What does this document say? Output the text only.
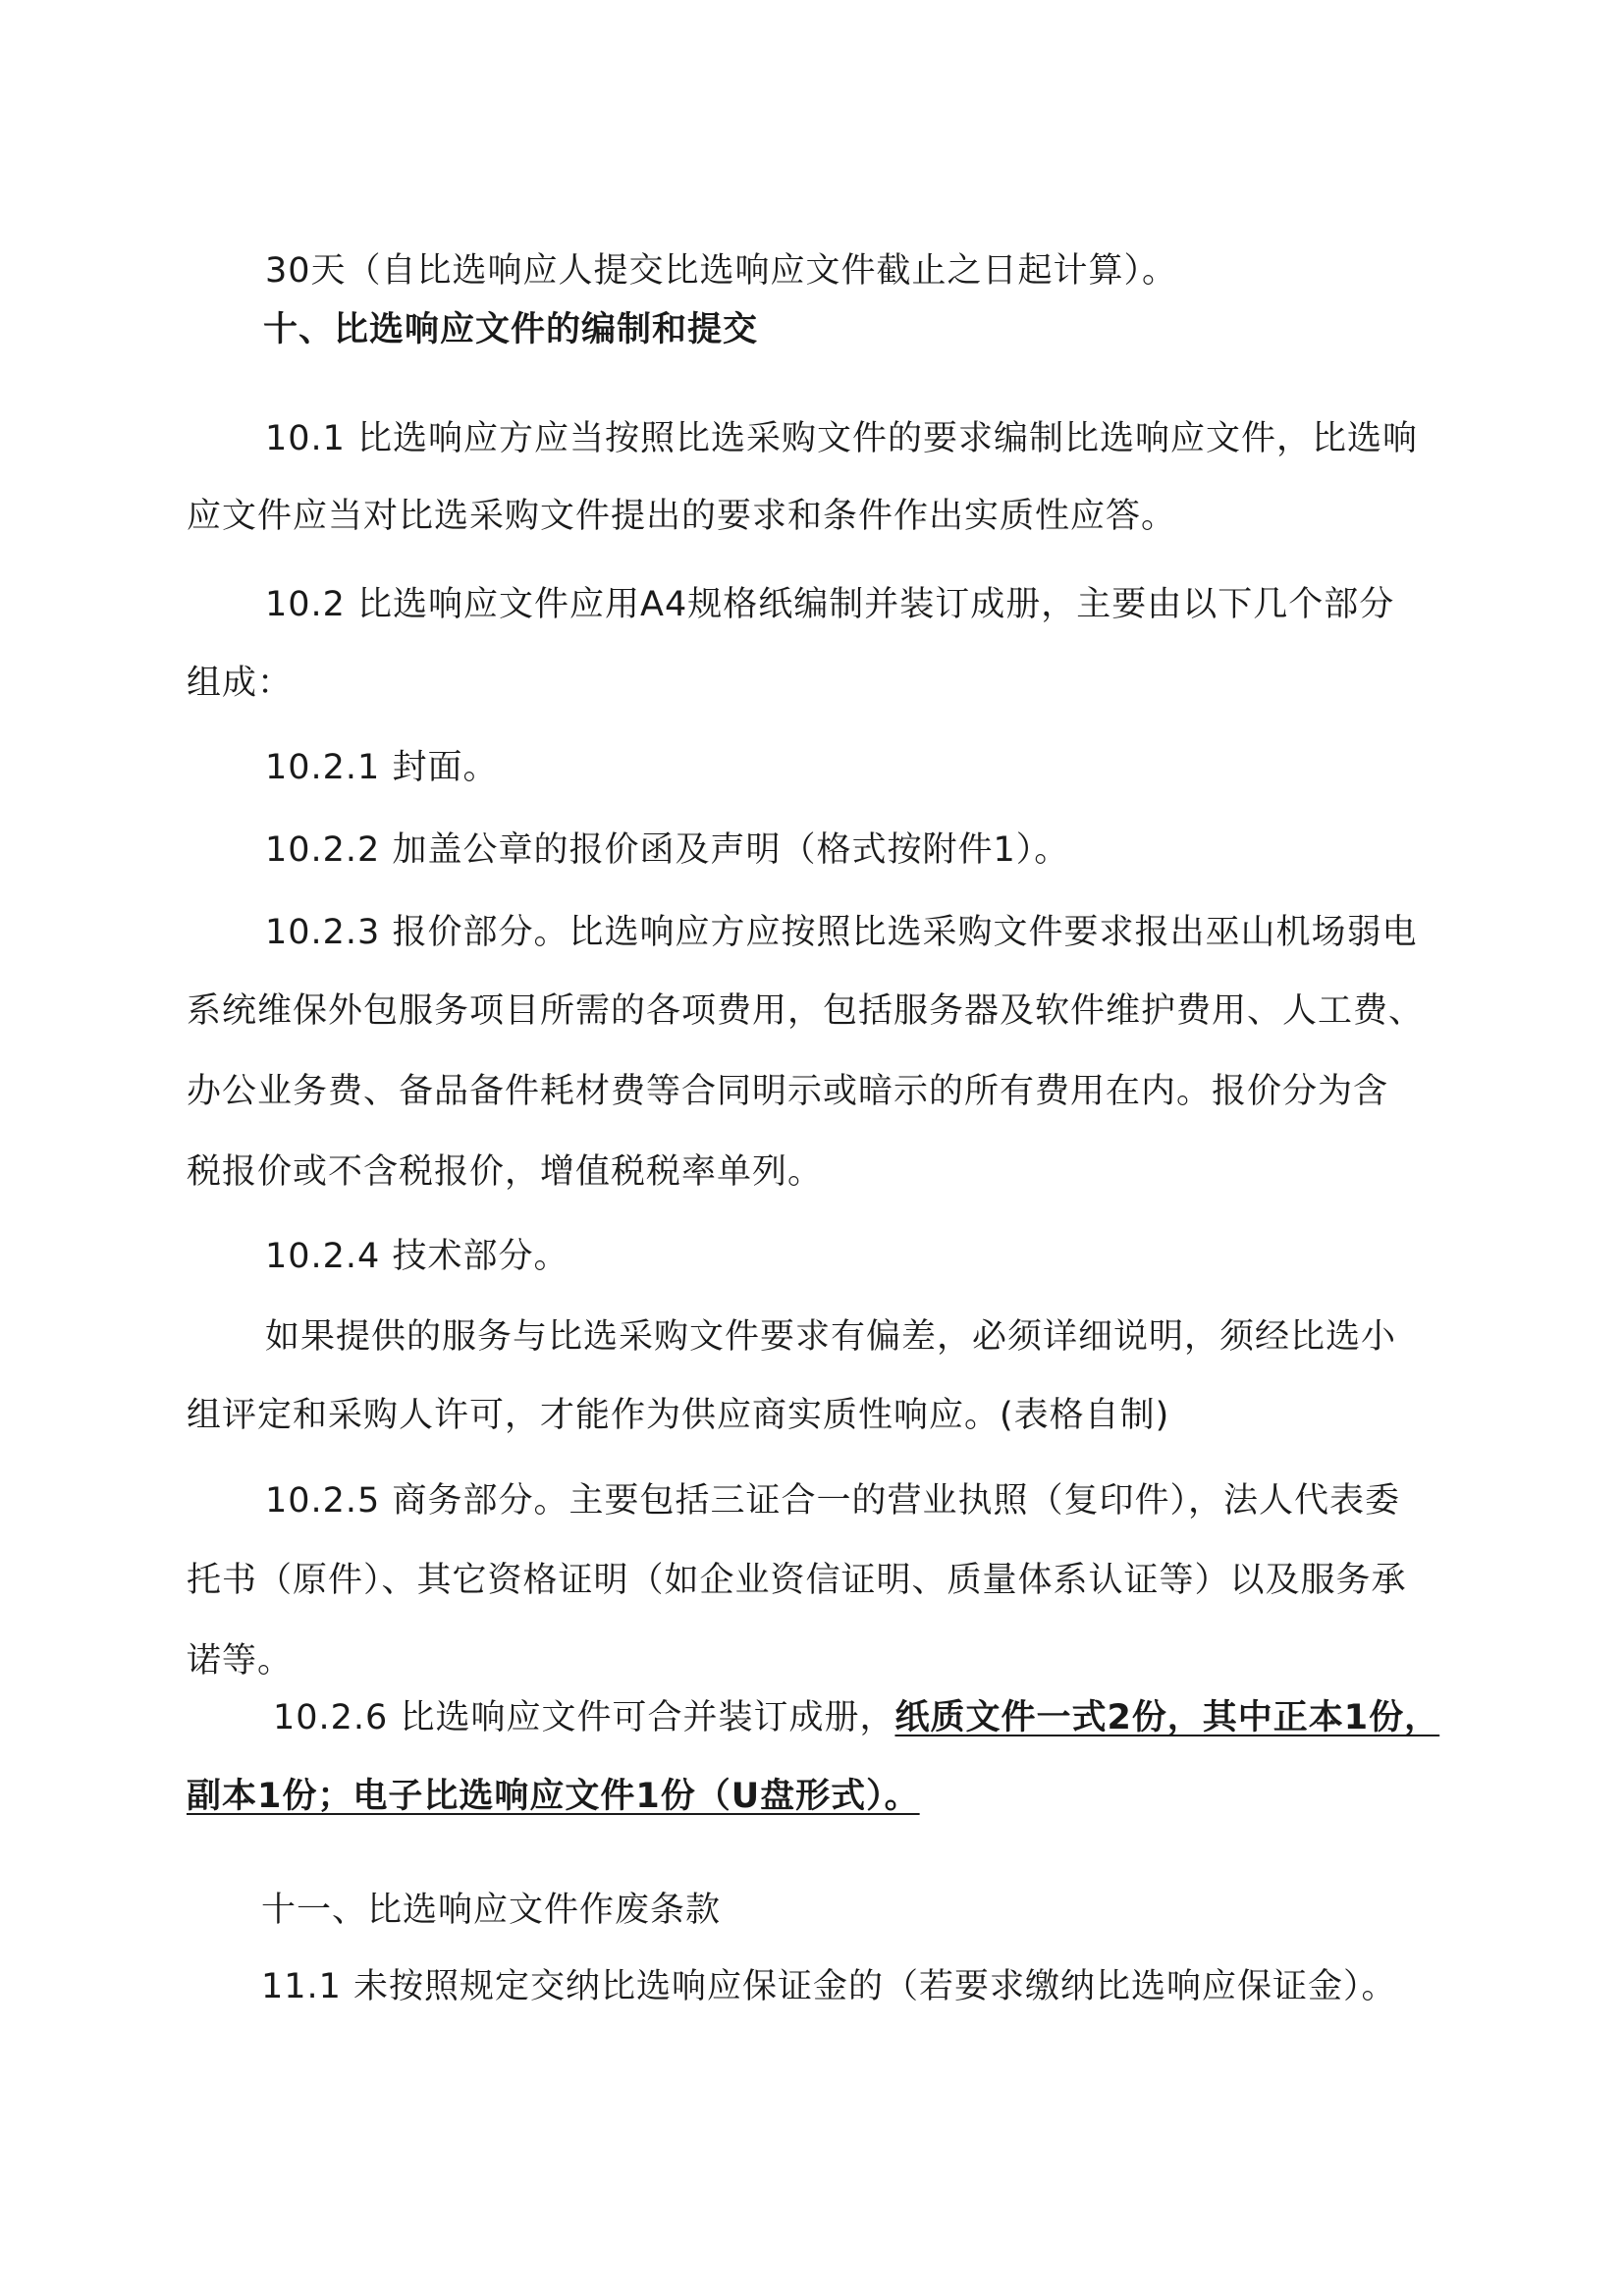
30天（自比选响应人提交比选响应文件截止之日起计算）。

十、比选响应文件的编制和提交

10.1 比选响应方应当按照比选采购文件的要求编制比选响应文件，比选响

应文件应当对比选采购文件提出的要求和条件作出实质性应答。

10.2 比选响应文件应用A4规格纸编制并装订成册，主要由以下几个部分

组成：

10.2.1 封面。

10.2.2 加盖公章的报价函及声明（格式按附件1）。

10.2.3 报价部分。比选响应方应按照比选采购文件要求报出巫山机场弱电

系统维保外包服务项目所需的各项费用，包括服务器及软件维护费用、人工费、

办公业务费、备品备件耗材费等合同明示或暗示的所有费用在内。报价分为含

税报价或不含税报价，增值税税率单列。

10.2.4 技术部分。

如果提供的服务与比选采购文件要求有偏差，必须详细说明，须经比选小

组评定和采购人许可，才能作为供应商实质性响应。(表格自制)

10.2.5 商务部分。主要包括三证合一的营业执照（复印件），法人代表委

托书（原件）、其它资格证明（如企业资信证明、质量体系认证等）以及服务承

诺等。

10.2.6 比选响应文件可合并装订成册，纸质文件一式2份，其中正本1份，

副本1份；电子比选响应文件1份（U盘形式）。

十一、比选响应文件作废条款

11.1 未按照规定交纳比选响应保证金的（若要求缴纳比选响应保证金）。
